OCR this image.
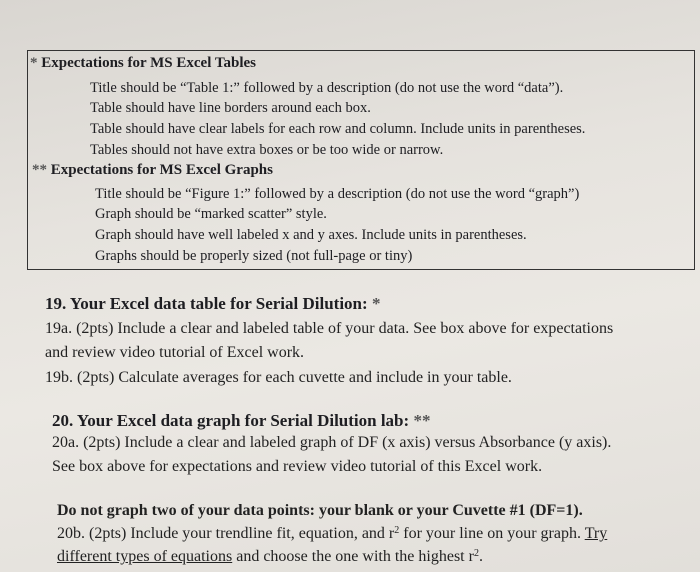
* Expectations for MS Excel Tables
Title should be “Table 1:” followed by a description (do not use the word “data”).
Table should have line borders around each box.
Table should have clear labels for each row and column. Include units in parentheses.
Tables should not have extra boxes or be too wide or narrow.
** Expectations for MS Excel Graphs
Title should be “Figure 1:” followed by a description (do not use the word “graph”)
Graph should be “marked scatter” style.
Graph should have well labeled x and y axes. Include units in parentheses.
Graphs should be properly sized (not full-page or tiny)
19. Your Excel data table for Serial Dilution: *
19a. (2pts) Include a clear and labeled table of your data. See box above for expectations
and review video tutorial of Excel work.
19b. (2pts) Calculate averages for each cuvette and include in your table.
20. Your Excel data graph for Serial Dilution lab: **
20a. (2pts) Include a clear and labeled graph of DF (x axis) versus Absorbance (y axis).
See box above for expectations and review video tutorial of this Excel work.
Do not graph two of your data points: your blank or your Cuvette #1 (DF=1).
20b. (2pts) Include your trendline fit, equation, and $r^2$ for your line on your graph. Try
different types of equations and choose the one with the highest $r^2$.
